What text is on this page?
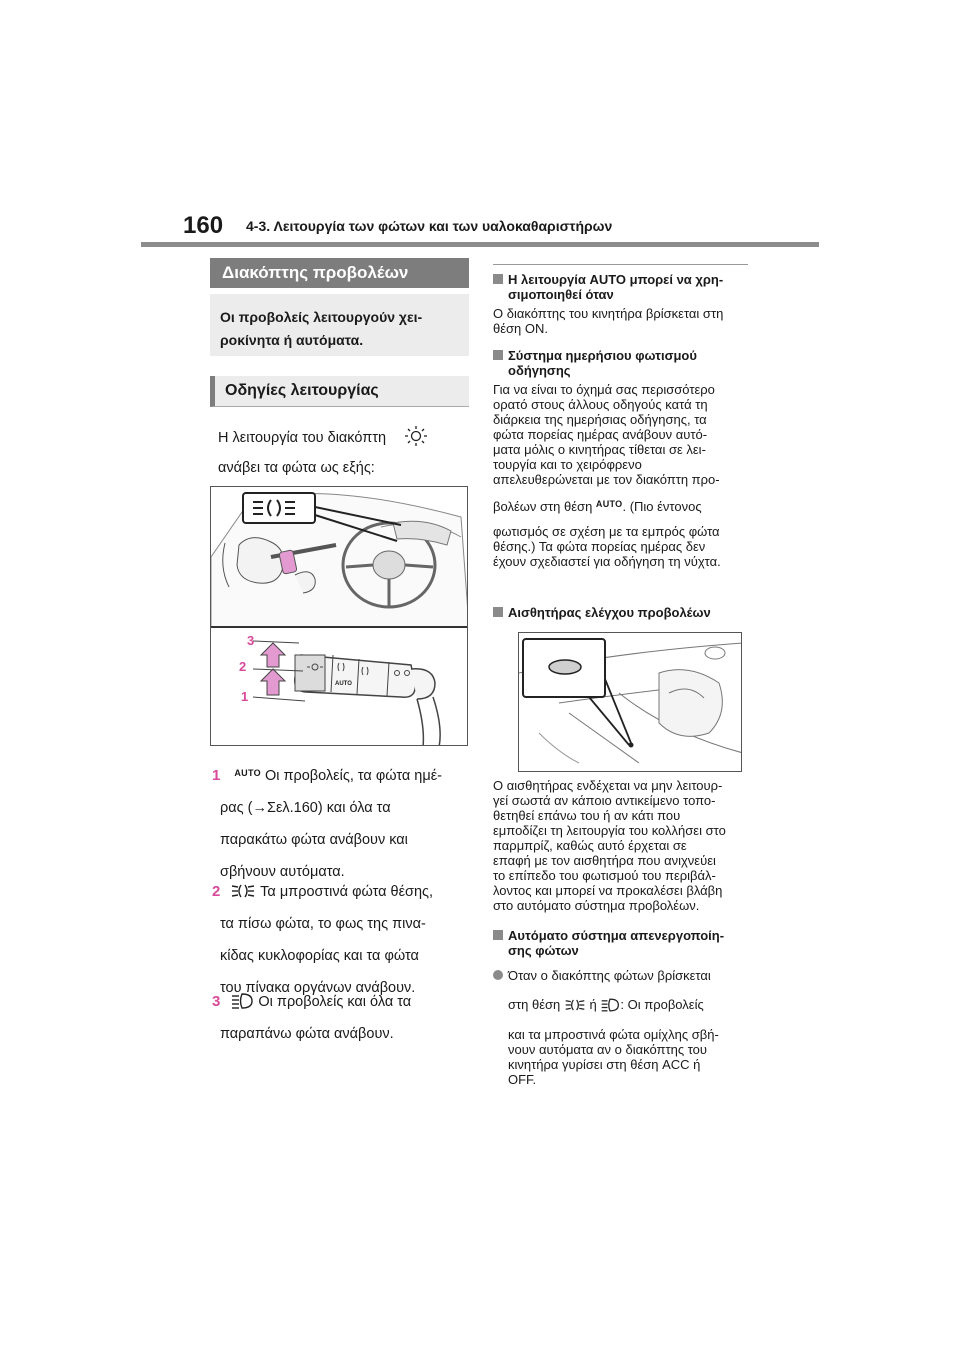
160 4-3. Λειτουργία των φώτων και των υαλοκαθαριστήρων
Διακόπτης προβολέων
Οι προβολείς λειτουργούν χει-
ροκίνητα ή αυτόματα.
Οδηγίες λειτουργίας
Η λειτουργία του διακόπτη
ανάβει τα φώτα ως εξής:
AUTO
1
2
3
1 $^{AUTO}$ Οι προβολείς, τα φώτα ημέ-
ρας (→Σελ.160) και όλα τα
παρακάτω φώτα ανάβουν και
σβήνουν αυτόματα.
2	Τα μπροστινά φώτα θέσης,
τα πίσω φώτα, το φως της πινα-
κίδας κυκλοφορίας και τα φώτα
του πίνακα οργάνων ανάβουν.
3	Οι προβολείς και όλα τα
παραπάνω φώτα ανάβουν.
Η λειτουργία AUTO μπορεί να χρη-
σιμοποιηθεί όταν
Ο διακόπτης του κινητήρα βρίσκεται στη
θέση ON.
Σύστημα ημερήσιου φωτισμού
οδήγησης
Για να είναι το όχημά σας περισσότερο
ορατό στους άλλους οδηγούς κατά τη
διάρκεια της ημερήσιας οδήγησης, τα
φώτα πορείας ημέρας ανάβουν αυτό-
ματα μόλις ο κινητήρας τίθεται σε λει-
τουργία και το χειρόφρενο
απελευθερώνεται με τον διακόπτη προ-
βολέων στη θέση $^{AUTO}$. (Πιο έντονος
φωτισμός σε σχέση με τα εμπρός φώτα
θέσης.) Τα φώτα πορείας ημέρας δεν
έχουν σχεδιαστεί για οδήγηση τη νύχτα.
Αισθητήρας ελέγχου προβολέων
Ο αισθητήρας ενδέχεται να μην λειτουρ-
γεί σωστά αν κάποιο αντικείμενο τοπο-
θετηθεί επάνω του ή αν κάτι που
εμποδίζει τη λειτουργία του κολλήσει στο
παρμπρίζ, καθώς αυτό έρχεται σε
επαφή με τον αισθητήρα που ανιχνεύει
το επίπεδο του φωτισμού του περιβάλ-
λοντος και μπορεί να προκαλέσει βλάβη
στο αυτόματο σύστημα προβολέων.
Αυτόματο σύστημα απενεργοποίη-
σης φώτων
Όταν ο διακόπτης φώτων βρίσκεται
στη θέση ή : Οι προβολείς
και τα μπροστινά φώτα ομίχλης σβή-
νουν αυτόματα αν ο διακόπτης του
κινητήρα γυρίσει στη θέση ACC ή
OFF.
